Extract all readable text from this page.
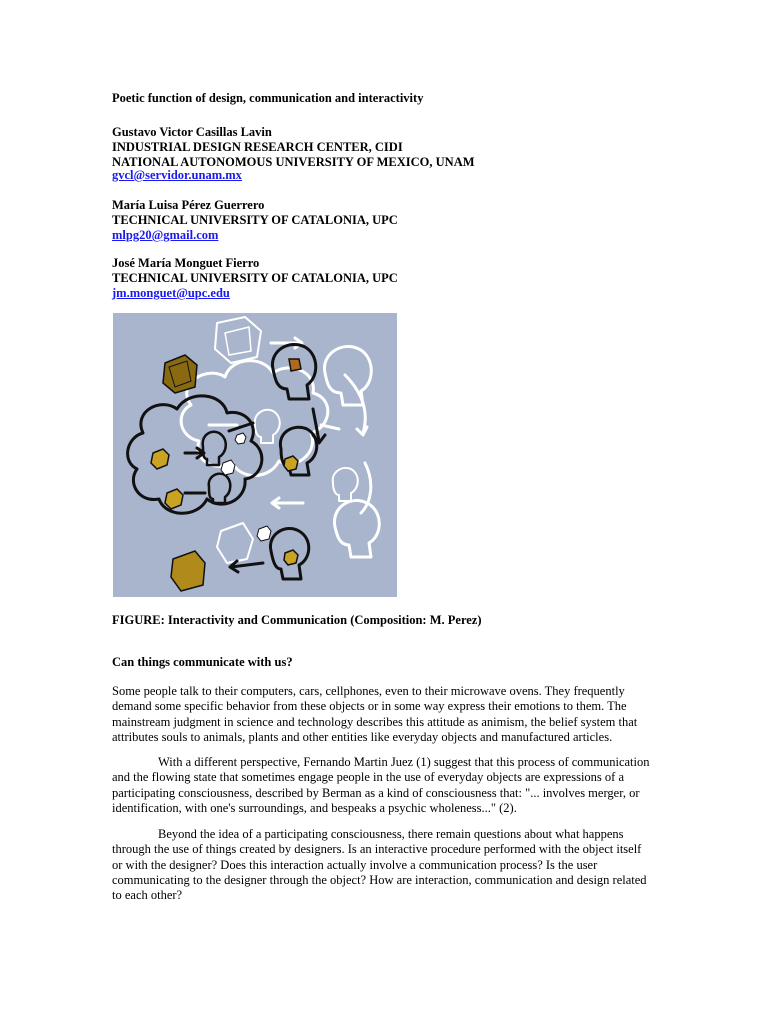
Poetic function of design, communication and interactivity
Gustavo Victor Casillas Lavin
INDUSTRIAL DESIGN RESEARCH CENTER, CIDI
NATIONAL AUTONOMOUS UNIVERSITY OF MEXICO, UNAM
gvcl@servidor.unam.mx
María Luisa Pérez Guerrero
TECHNICAL UNIVERSITY OF CATALONIA, UPC
mlpg20@gmail.com
José María Monguet Fierro
TECHNICAL UNIVERSITY OF CATALONIA, UPC
jm.monguet@upc.edu
FIGURE: Interactivity and Communication (Composition: M. Perez)
Can things communicate with us?
Some people talk to their computers, cars, cellphones, even to their microwave ovens. They frequently
demand some specific behavior from these objects or in some way express their emotions to them. The
mainstream judgment in science and technology describes this attitude as animism, the belief system that
attributes souls to animals, plants and other entities like everyday objects and manufactured articles.
With a different perspective, Fernando Martin Juez (1) suggest that this process of communication
and the flowing state that sometimes engage people in the use of everyday objects are expressions of a
participating consciousness, described by Berman as a kind of consciousness that: "... involves merger, or
identification, with one's surroundings, and bespeaks a psychic wholeness..." (2).
Beyond the idea of a participating consciousness, there remain questions about what happens
through the use of things created by designers. Is an interactive procedure performed with the object itself
or with the designer? Does this interaction actually involve a communication process? Is the user
communicating to the designer through the object? How are interaction, communication and design related
to each other?
